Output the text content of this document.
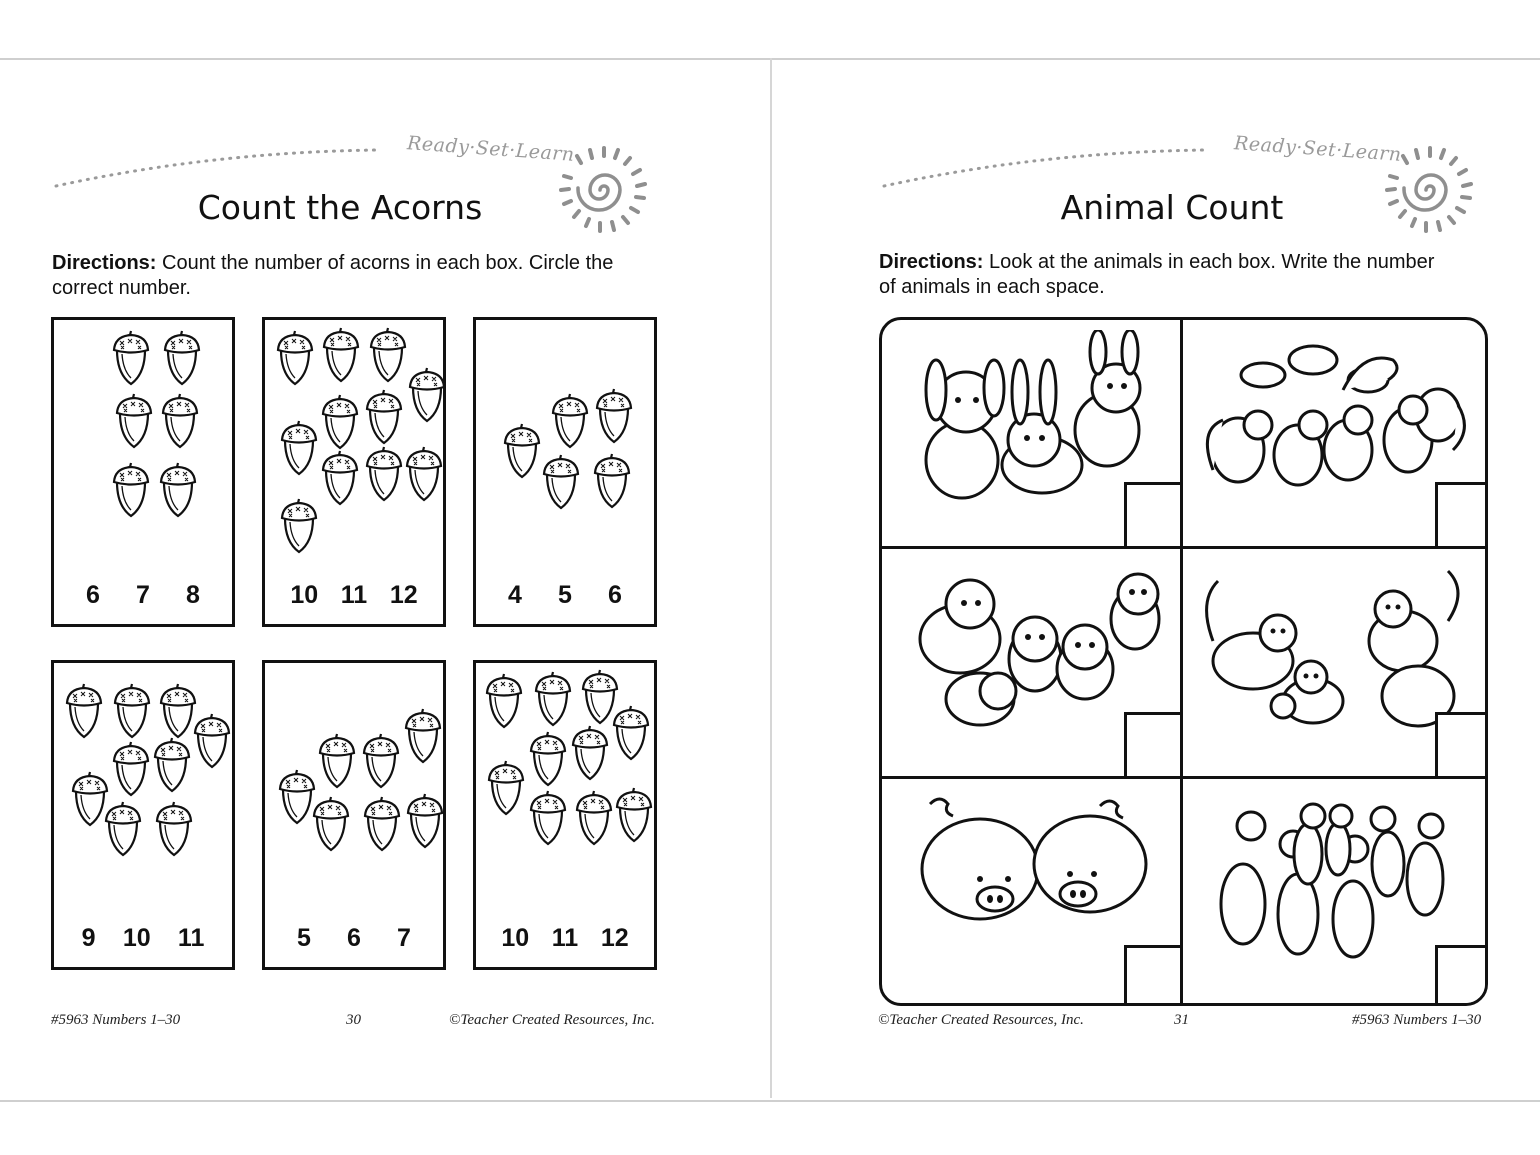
Ready·Set·Learn
Count the Acorns
Directions: Count the number of acorns in each box. Circle the correct number.
6 7 8	10 11 12	4 5 6
9 10 11	5 6 7	10 11 12
#5963 Numbers 1–30	30	©Teacher Created Resources, Inc.
Ready·Set·Learn
Animal Count
Directions: Look at the animals in each box. Write the number of animals in each space.
©Teacher Created Resources, Inc.	31	#5963 Numbers 1–30
